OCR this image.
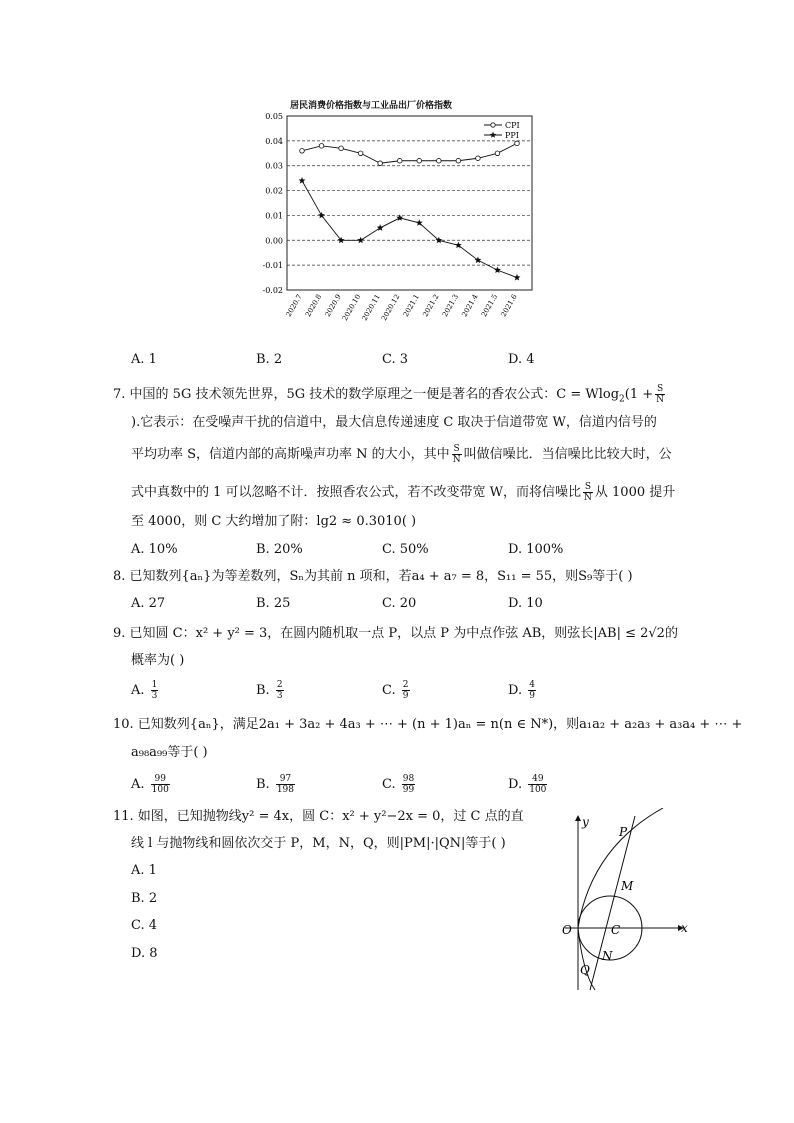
居民消费价格指数与工业品出厂价格指数
0.05
0.04
0.03
0.02
0.01
0.00
-0.01
-0.02
2020.7 2020.8 2020.9
2020.10
2020.11
2020.12 2021.1 2021.2 2021.3 2021.4 2021.5 2021.6
CPI
PPI
A. 1	B. 2	C. 3	D. 4
7. 中国的 5G 技术领先世界，5G 技术的数学原理之一便是著名的香农公式：$C = Wlog_2(1 + \frac{S}{N}$
).它表示：在受噪声干扰的信道中，最大信息传递速度 C 取决于信道带宽 W，信道内信号的
平均功率 S，信道内部的高斯噪声功率 N 的大小，其中 $\frac{S}{N}$ 叫做信噪比．当信噪比比较大时，公
式中真数中的 1 可以忽略不计．按照香农公式，若不改变带宽 W，而将信噪比 $\frac{S}{N}$ 从 1000 提升
至 4000，则 C 大约增加了附：lg2 ≈ 0.3010( )
A. 10%	B. 20%	C. 50%	D. 100%
8. 已知数列{aₙ}为等差数列，Sₙ为其前 n 项和，若a₄ + a₇ = 8，S₁₁ = 55，则S₉等于( )
A. 27	B. 25	C. 20	D. 10
9. 已知圆 C：x² + y² = 3，在圆内随机取一点 P，以点 P 为中点作弦 AB，则弦长|AB| ≤ 2√2的
概率为( )
A. $\frac{1}{3}$	B. $\frac{2}{3}$	C. $\frac{2}{9}$	D. $\frac{4}{9}$
10. 已知数列{aₙ}，满足2a₁ + 3a₂ + 4a₃ + ⋯ + (n + 1)aₙ = n(n ∈ N*)，则a₁a₂ + a₂a₃ + a₃a₄ + ⋯ +
a₉₈a₉₉等于( )
A. $\frac{99}{100}$	B. $\frac{97}{198}$	C. $\frac{98}{99}$	D. $\frac{49}{100}$
11. 如图，已知抛物线y² = 4x，圆 C：x² + y²−2x = 0，过 C 点的直
线 l 与抛物线和圆依次交于 P，M，N，Q，则|PM|·|QN|等于( )
A. 1
B. 2
C. 4
D. 8
y
x
O	C
P
M
N
Q
